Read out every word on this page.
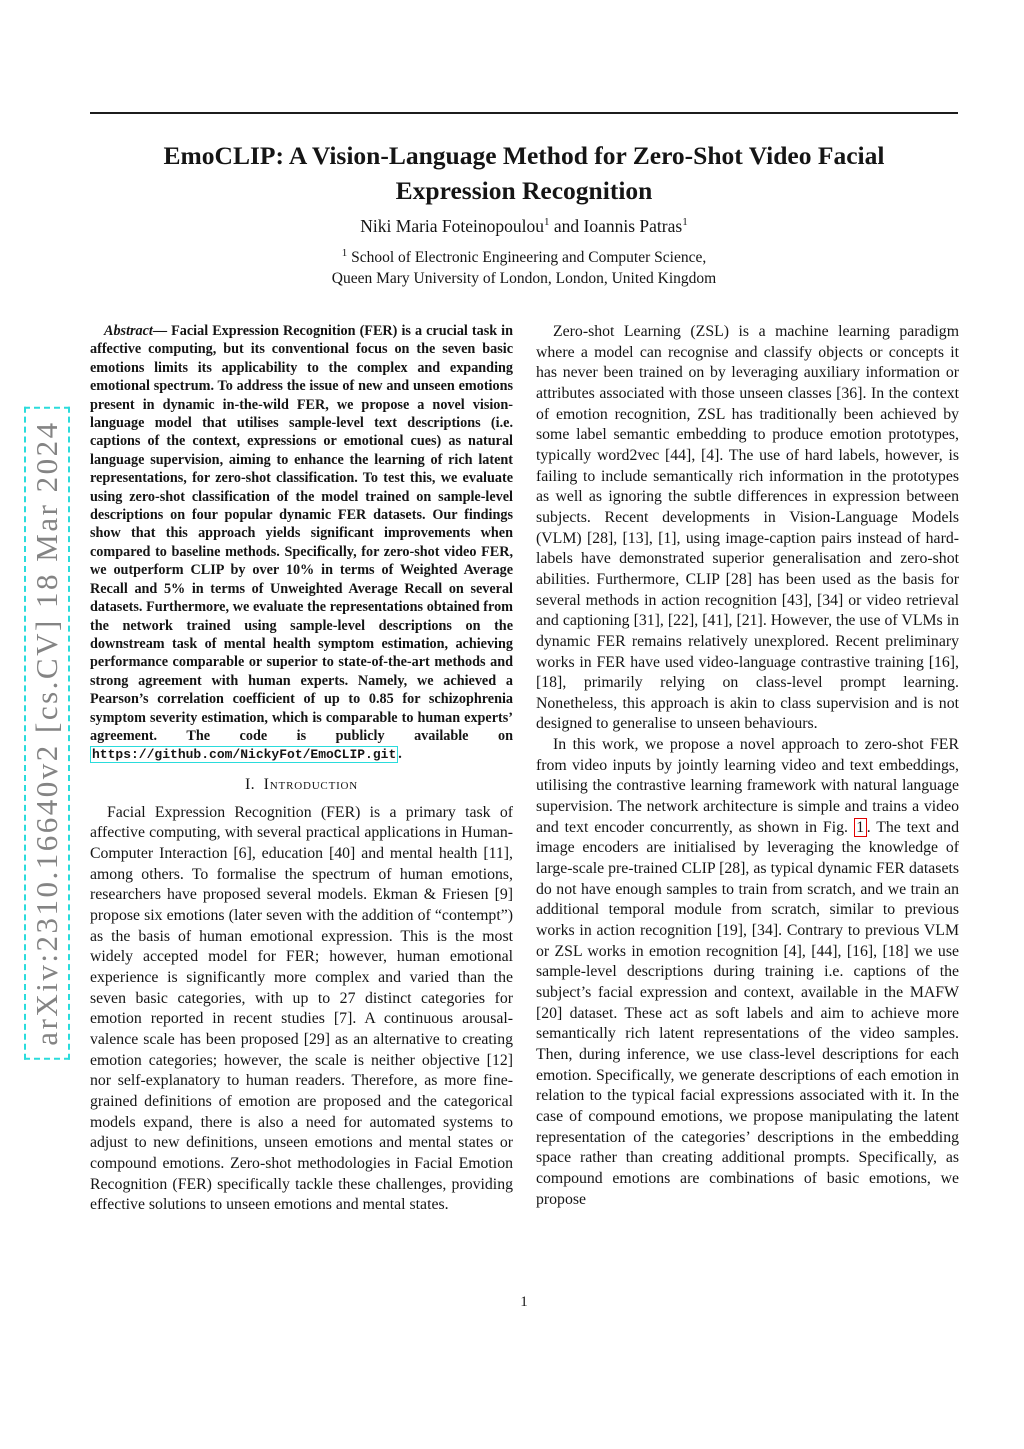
arXiv:2310.16640v2 [cs.CV] 18 Mar 2024
EmoCLIP: A Vision-Language Method for Zero-Shot Video Facial
Expression Recognition
Niki Maria Foteinopoulou$^1$ and Ioannis Patras$^1$
$^1$ School of Electronic Engineering and Computer Science,
Queen Mary University of London, London, United Kingdom

Abstract— Facial Expression Recognition (FER) is a crucial task in affective computing, but its conventional focus on the seven basic emotions limits its applicability to the complex and expanding emotional spectrum. To address the issue of new and unseen emotions present in dynamic in-the-wild FER, we propose a novel vision-language model that utilises sample-level text descriptions (i.e. captions of the context, expressions or emotional cues) as natural language supervision, aiming to enhance the learning of rich latent representations, for zero-shot classification. To test this, we evaluate using zero-shot classification of the model trained on sample-level descriptions on four popular dynamic FER datasets. Our findings show that this approach yields significant improvements when compared to baseline methods. Specifically, for zero-shot video FER, we outperform CLIP by over 10% in terms of Weighted Average Recall and 5% in terms of Unweighted Average Recall on several datasets. Furthermore, we evaluate the representations obtained from the network trained using sample-level descriptions on the downstream task of mental health symptom estimation, achieving performance comparable or superior to state-of-the-art methods and strong agreement with human experts. Namely, we achieved a Pearson’s correlation coefficient of up to 0.85 for schizophrenia symptom severity estimation, which is comparable to human experts’ agreement. The code is publicly available on https://github.com/NickyFot/EmoCLIP.git .

I. Introduction

Facial Expression Recognition (FER) is a primary task of affective computing, with several practical applications in Human-Computer Interaction [6], education [40] and mental health [11], among others. To formalise the spectrum of human emotions, researchers have proposed several models. Ekman & Friesen [9] propose six emotions (later seven with the addition of “contempt”) as the basis of human emotional expression. This is the most widely accepted model for FER; however, human emotional experience is significantly more complex and varied than the seven basic categories, with up to 27 distinct categories for emotion reported in recent studies [7]. A continuous arousal-valence scale has been proposed [29] as an alternative to creating emotion categories; however, the scale is neither objective [12] nor self-explanatory to human readers. Therefore, as more fine-grained definitions of emotion are proposed and the categorical models expand, there is also a need for automated systems to adjust to new definitions, unseen emotions and mental states or compound emotions. Zero-shot methodologies in Facial Emotion Recognition (FER) specifically tackle these challenges, providing effective solutions to unseen emotions and mental states.

Zero-shot Learning (ZSL) is a machine learning paradigm where a model can recognise and classify objects or concepts it has never been trained on by leveraging auxiliary information or attributes associated with those unseen classes [36]. In the context of emotion recognition, ZSL has traditionally been achieved by some label semantic embedding to produce emotion prototypes, typically word2vec [44], [4]. The use of hard labels, however, is failing to include semantically rich information in the prototypes as well as ignoring the subtle differences in expression between subjects. Recent developments in Vision-Language Models (VLM) [28], [13], [1], using image-caption pairs instead of hard-labels have demonstrated superior generalisation and zero-shot abilities. Furthermore, CLIP [28] has been used as the basis for several methods in action recognition [43], [34] or video retrieval and captioning [31], [22], [41], [21]. However, the use of VLMs in dynamic FER remains relatively unexplored. Recent preliminary works in FER have used video-language contrastive training [16], [18], primarily relying on class-level prompt learning. Nonetheless, this approach is akin to class supervision and is not designed to generalise to unseen behaviours.

In this work, we propose a novel approach to zero-shot FER from video inputs by jointly learning video and text embeddings, utilising the contrastive learning framework with natural language supervision. The network architecture is simple and trains a video and text encoder concurrently, as shown in Fig. 1 . The text and image encoders are initialised by leveraging the knowledge of large-scale pre-trained CLIP [28], as typical dynamic FER datasets do not have enough samples to train from scratch, and we train an additional temporal module from scratch, similar to previous works in action recognition [19], [34]. Contrary to previous VLM or ZSL works in emotion recognition [4], [44], [16], [18] we use sample-level descriptions during training i.e. captions of the subject’s facial expression and context, available in the MAFW [20] dataset. These act as soft labels and aim to achieve more semantically rich latent representations of the video samples. Then, during inference, we use class-level descriptions for each emotion. Specifically, we generate descriptions of each emotion in relation to the typical facial expressions associated with it. In the case of compound emotions, we propose manipulating the latent representation of the categories’ descriptions in the embedding space rather than creating additional prompts. Specifically, as compound emotions are combinations of basic emotions, we propose

1
